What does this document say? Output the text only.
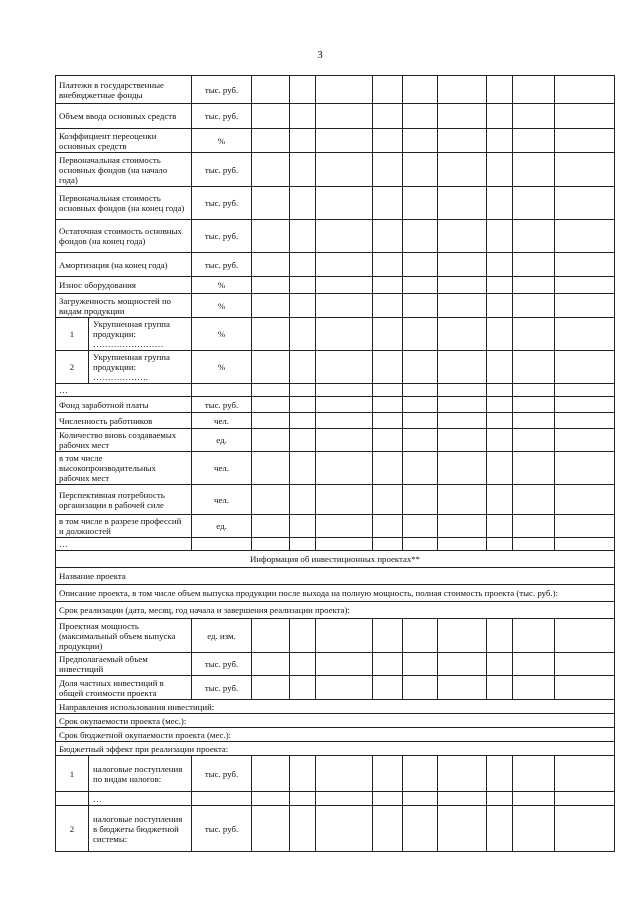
3
Платежи в государственные внебюджетные фонды		тыс. руб.									
Объем ввода основных средств		тыс. руб.									
Коэффициент переоценки основных средств		%									
Первоначальная стоимость основных фондов (на начало года)		тыс. руб.									
Первоначальная стоимость основных фондов (на конец года)		тыс. руб.									
Остаточная стоимость основных фондов (на конец года)		тыс. руб.									
Амортизация (на конец года)		тыс. руб.									
Износ оборудования		%									
Загруженность мощностей по видам продукции		%									
1	Укрупненная группа продукции: ……………………	%									
2	Укрупненная группа продукции: ……………….	%									
…											
Фонд заработной платы		тыс. руб.									
Численность работников		чел.									
Количество вновь создаваемых рабочих мест		ед.									
в том числе высокопроизводительных рабочих мест		чел.									
Перспективная потребность организации в рабочей силе		чел.									
в том числе в разрезе профессий и должностей		ед.									
…											
Информация об инвестиционных проектах**											
Название проекта											
Описание проекта, в том числе объем выпуска продукции после выхода на полную мощность, полная стоимость проекта (тыс. руб.):											
Срок реализации (дата, месяц, год начала и завершения реализации проекта):											
Проектная мощность (максимальный объем выпуска продукции)		ед. изм.									
Предполагаемый объем инвестиций		тыс. руб.									
Доля частных инвестиций в общей стоимости проекта		тыс. руб.									
Направления использования инвестиций:											
Срок окупаемости проекта (мес.):											
Срок бюджетной окупаемости проекта (мес.):											
Бюджетный эффект при реализации проекта:											
1	налоговые поступления по видам налогов:	тыс. руб.									
	…										
2	налоговые поступления в бюджеты бюджетной системы:	тыс. руб.									
